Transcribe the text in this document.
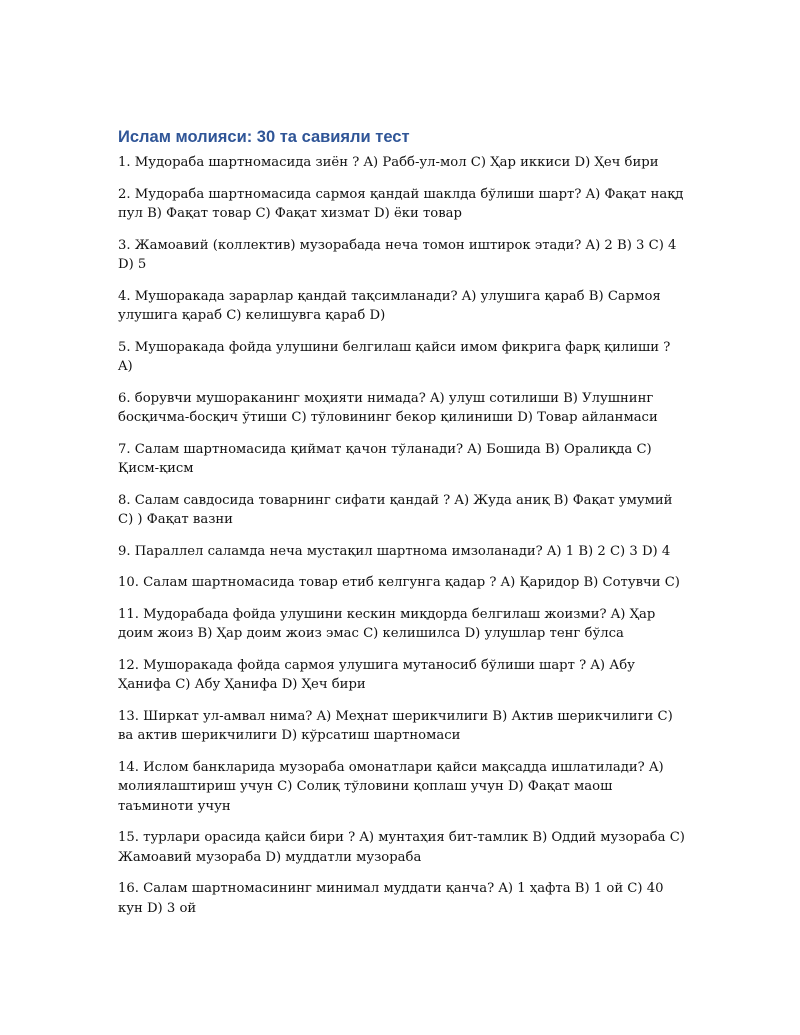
Ислам молияси: 30 та савияли тест

1. Мудораба шартномасида зиён ? A) Рабб-ул-мол C) Ҳар иккиси D) Ҳеч бири

2. Мудораба шартномасида сармоя қандай шаклда бўлиши шарт? A) Фақат нақд пул B) Фақат товар C) Фақат хизмат D) ёки товар

3. Жамоавий (коллектив) музорабада неча томон иштирок этади? A) 2 B) 3 C) 4 D) 5

4. Мушоракада зарарлар қандай тақсимланади? A) улушига қараб B) Сармоя улушига қараб C) келишувга қараб D)

5. Мушоракада фойда улушини белгилаш қайси имом фикрига фарқ қилиши ? A)

6. борувчи мушораканинг моҳияти нимада? A) улуш сотилиши B) Улушнинг босқичма-босқич ўтиши C) тўловининг бекор қилиниши D) Товар айланмаси

7. Салам шартномасида қиймат қачон тўланади? A) Бошида B) Оралиқда C) Қисм-қисм

8. Салам савдосида товарнинг сифати қандай ? A) Жуда аниқ B) Фақат умумий C) ) Фақат вазни

9. Параллел саламда неча мустақил шартнома имзоланади? A) 1 B) 2 C) 3 D) 4

10. Салам шартномасида товар етиб келгунга қадар ? A) Қаридор B) Сотувчи C)

11. Мудорабада фойда улушини кескин миқдорда белгилаш жоизми? A) Ҳар доим жоиз B) Ҳар доим жоиз эмас C) келишилса D) улушлар тенг бўлса

12. Мушоракада фойда сармоя улушига мутаносиб бўлиши шарт ? A) Абу Ҳанифа C) Абу Ҳанифа D) Ҳеч бири

13. Ширкат ул-амвал нима? A) Меҳнат шерикчилиги B) Актив шерикчилиги C) ва актив шерикчилиги D) кўрсатиш шартномаси

14. Ислом банкларида музораба омонатлари қайси мақсадда ишлатилади? A) молиялаштириш учун C) Солиқ тўловини қоплаш учун D) Фақат маош таъминоти учун

15. турлари орасида қайси бири ? A) мунтаҳия бит-тамлик B) Оддий музораба C) Жамоавий музораба D) муддатли музораба

16. Салам шартномасининг минимал муддати қанча? A) 1 ҳафта B) 1 ой C) 40 кун D) 3 ой
